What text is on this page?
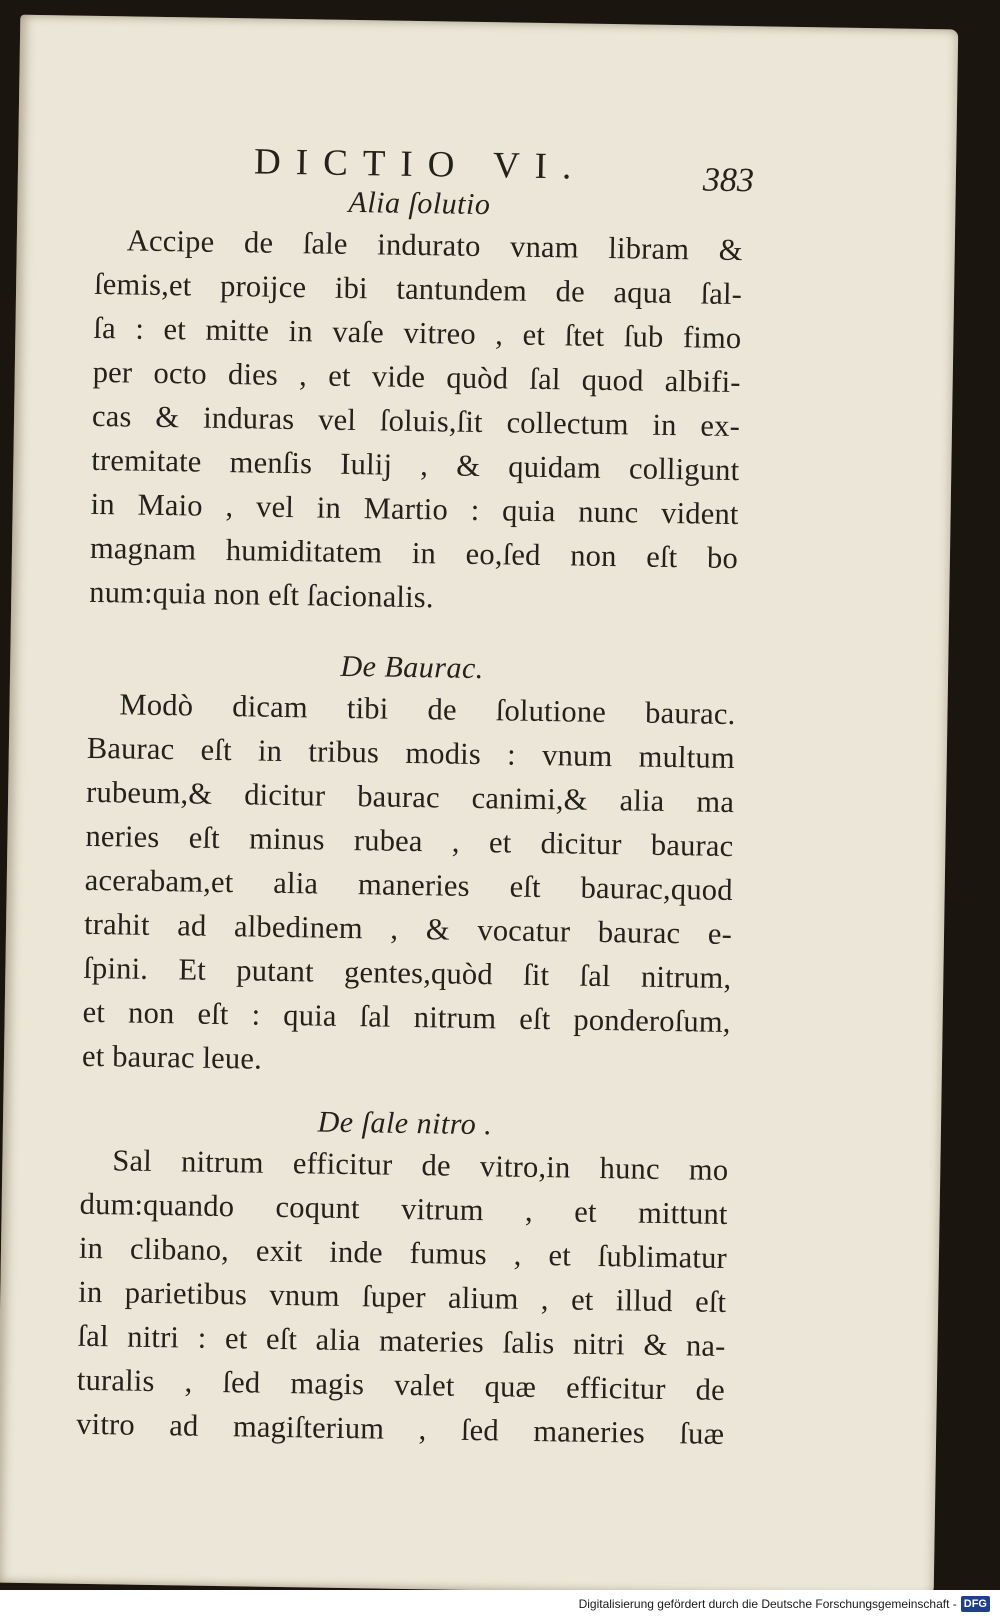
DICTIO VI.	383
Alia ſolutio
Accipe de ſale indurato vnam libram &
ſemis,et proijce ibi tantundem de aqua ſal-
ſa : et mitte in vaſe vitreo , et ſtet ſub fimo
per octo dies , et vide quòd ſal quod albifi-
cas & induras vel ſoluis,ſit collectum in ex-
tremitate menſis Iulij , & quidam colligunt
in Maio , vel in Martio : quia nunc vident
magnam humiditatem in eo,ſed non eſt bo
num:quia non eſt ſacionalis.
De Baurac.
Modò dicam tibi de ſolutione baurac.
Baurac eſt in tribus modis : vnum multum
rubeum,& dicitur baurac canimi,& alia ma
neries eſt minus rubea , et dicitur baurac
acerabam,et alia maneries eſt baurac,quod
trahit ad albedinem , & vocatur baurac e-
ſpini. Et putant gentes,quòd ſit ſal nitrum,
et non eſt : quia ſal nitrum eſt ponderoſum,
et baurac leue.
De ſale nitro .
Sal nitrum efficitur de vitro,in hunc mo
dum:quando coqunt vitrum , et mittunt
in clibano, exit inde fumus , et ſublimatur
in parietibus vnum ſuper alium , et illud eſt
ſal nitri : et eſt alia materies ſalis nitri & na-
turalis , ſed magis valet quæ efficitur de
vitro ad magiſterium , ſed maneries ſuæ
Digitalisierung gefördert durch die Deutsche Forschungsgemeinschaft - DFG
